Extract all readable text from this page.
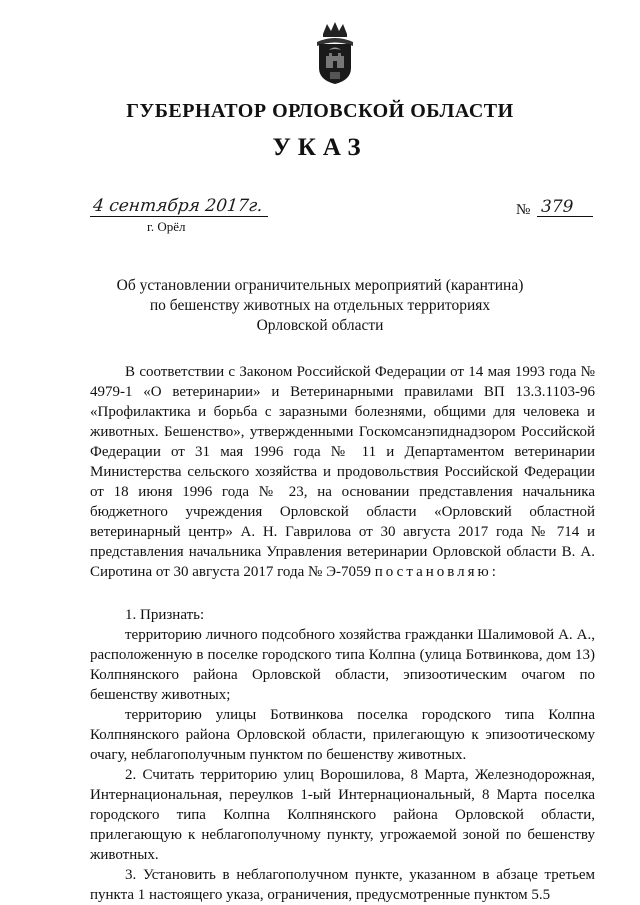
ГУБЕРНАТОР ОРЛОВСКОЙ ОБЛАСТИ
УКАЗ
4 сентября 2017г.
г. Орёл
№ 379
Об установлении ограничительных мероприятий (карантина)
по бешенству животных на отдельных территориях
Орловской области

В соответствии с Законом Российской Федерации от 14 мая 1993 года № 4979-1 «О ветеринарии» и Ветеринарными правилами ВП 13.3.1103-96 «Профилактика и борьба с заразными болезнями, общими для человека и животных. Бешенство», утвержденными Госкомсанэпиднадзором Российской Федерации от 31 мая 1996 года № 11 и Департаментом ветеринарии Министерства сельского хозяйства и продовольствия Российской Федерации от 18 июня 1996 года № 23, на основании представления начальника бюджетного учреждения Орловской области «Орловский областной ветеринарный центр» А. Н. Гаврилова от 30 августа 2017 года № 714 и представления начальника Управления ветеринарии Орловской области В. А. Сиротина от 30 августа 2017 года № Э-7059 постановляю:

1. Признать:

территорию личного подсобного хозяйства гражданки Шалимовой А. А., расположенную в поселке городского типа Колпна (улица Ботвинкова, дом 13) Колпнянского района Орловской области, эпизоотическим очагом по бешенству животных;

территорию улицы Ботвинкова поселка городского типа Колпна Колпнянского района Орловской области, прилегающую к эпизоотическому очагу, неблагополучным пунктом по бешенству животных.

2. Считать территорию улиц Ворошилова, 8 Марта, Железнодорожная, Интернациональная, переулков 1-ый Интернациональный, 8 Марта поселка городского типа Колпна Колпнянского района Орловской области, прилегающую к неблагополучному пункту, угрожаемой зоной по бешенству животных.

3. Установить в неблагополучном пункте, указанном в абзаце третьем пункта 1 настоящего указа, ограничения, предусмотренные пунктом 5.5
